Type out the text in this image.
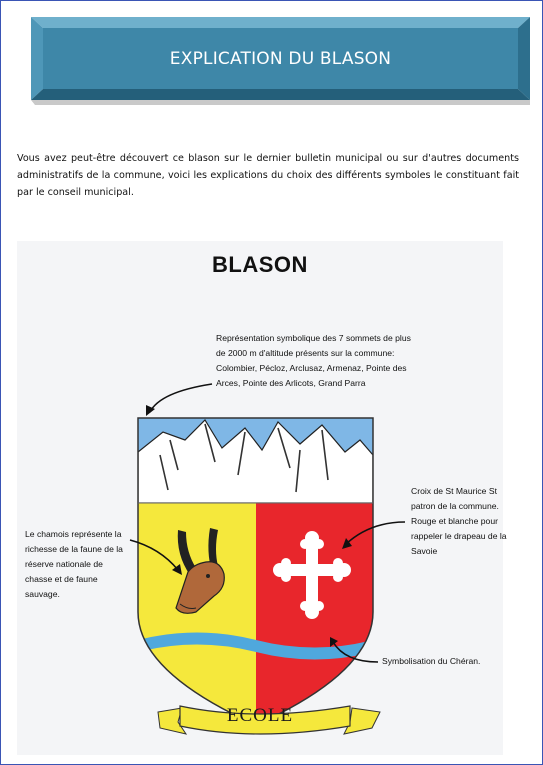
EXPLICATION DU BLASON

Vous avez peut-être découvert ce blason sur le dernier bulletin municipal ou sur d'autres documents administratifs de la commune, voici les explications du choix des différents symboles le constituant fait par le conseil municipal.

BLASON

Représentation symbolique des 7 sommets de plus de 2000 m d'altitude présents sur la commune: Colombier, Pécloz, Arclusaz, Armenaz, Pointe des Arces, Pointe des Arlicots, Grand Parra

Croix de St Maurice St patron de la commune. Rouge et blanche pour rappeler le drapeau de la Savoie

Le chamois représente la richesse de la faune de la réserve nationale de chasse et de faune sauvage.

Symbolisation du Chéran.

ECOLE
